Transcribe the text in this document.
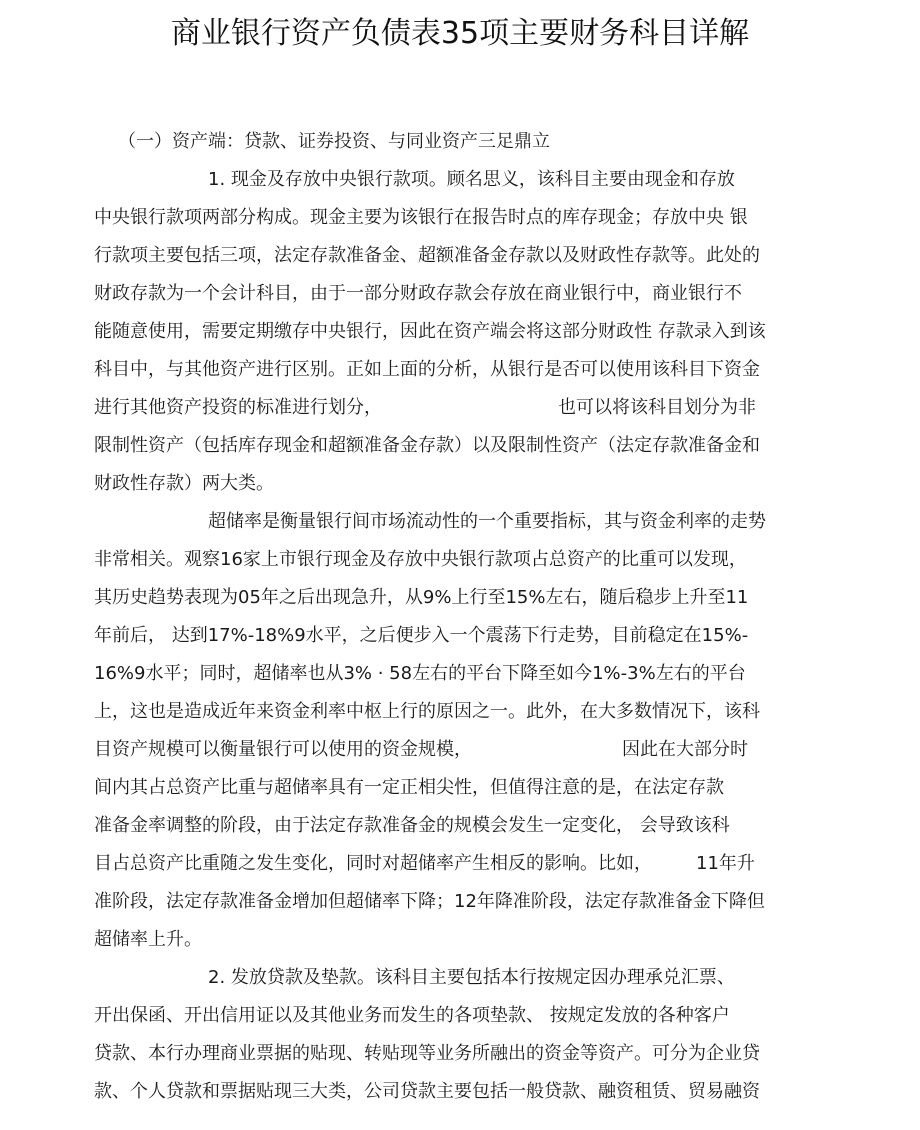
商业银行资产负债表35项主要财务科目详解
（一）资产端：贷款、证券投资、与同业资产三足鼎立
1. 现金及存放中央银行款项。顾名思义，该科目主要由现金和存放
中央银行款项两部分构成。现金主要为该银行在报告时点的库存现金；存放中央 银
行款项主要包括三项，法定存款准备金、超额准备金存款以及财政性存款等。此处的
财政存款为一个会计科目，由于一部分财政存款会存放在商业银行中，商业银行不
能随意使用，需要定期缴存中央银行，因此在资产端会将这部分财政性 存款录入到该
科目中，与其他资产进行区别。正如上面的分析，从银行是否可以使用该科目下资金
进行其他资产投资的标准进行划分，	也可以将该科目划分为非
限制性资产（包括库存现金和超额准备金存款）以及限制性资产（法定存款准备金和
财政性存款）两大类。
超储率是衡量银行间市场流动性的一个重要指标，其与资金利率的走势
非常相关。观察16家上市银行现金及存放中央银行款项占总资产的比重可以发现，
其历史趋势表现为05年之后出现急升，从9%上行至15%左右，随后稳步上升至11
年前后， 达到17%-18%9水平，之后便步入一个震荡下行走势，目前稳定在15%-
16%9水平；同时，超储率也从3% · 58左右的平台下降至如今1%-3%左右的平台
上，这也是造成近年来资金利率中枢上行的原因之一。此外，在大多数情况下，该科
目资产规模可以衡量银行可以使用的资金规模，	因此在大部分时
间内其占总资产比重与超储率具有一定正相尖性，但值得注意的是，在法定存款
准备金率调整的阶段，由于法定存款准备金的规模会发生一定变化， 会导致该科
目占总资产比重随之发生变化，同时对超储率产生相反的影响。比如， 11年升
准阶段，法定存款准备金增加但超储率下降；12年降准阶段，法定存款准备金下降但
超储率上升。
2. 发放贷款及垫款。该科目主要包括本行按规定因办理承兑汇票、
开出保函、开出信用证以及其他业务而发生的各项垫款、 按规定发放的各种客户
贷款、本行办理商业票据的贴现、转贴现等业务所融出的资金等资产。可分为企业贷
款、个人贷款和票据贴现三大类，公司贷款主要包括一般贷款、融资租赁、贸易融资
